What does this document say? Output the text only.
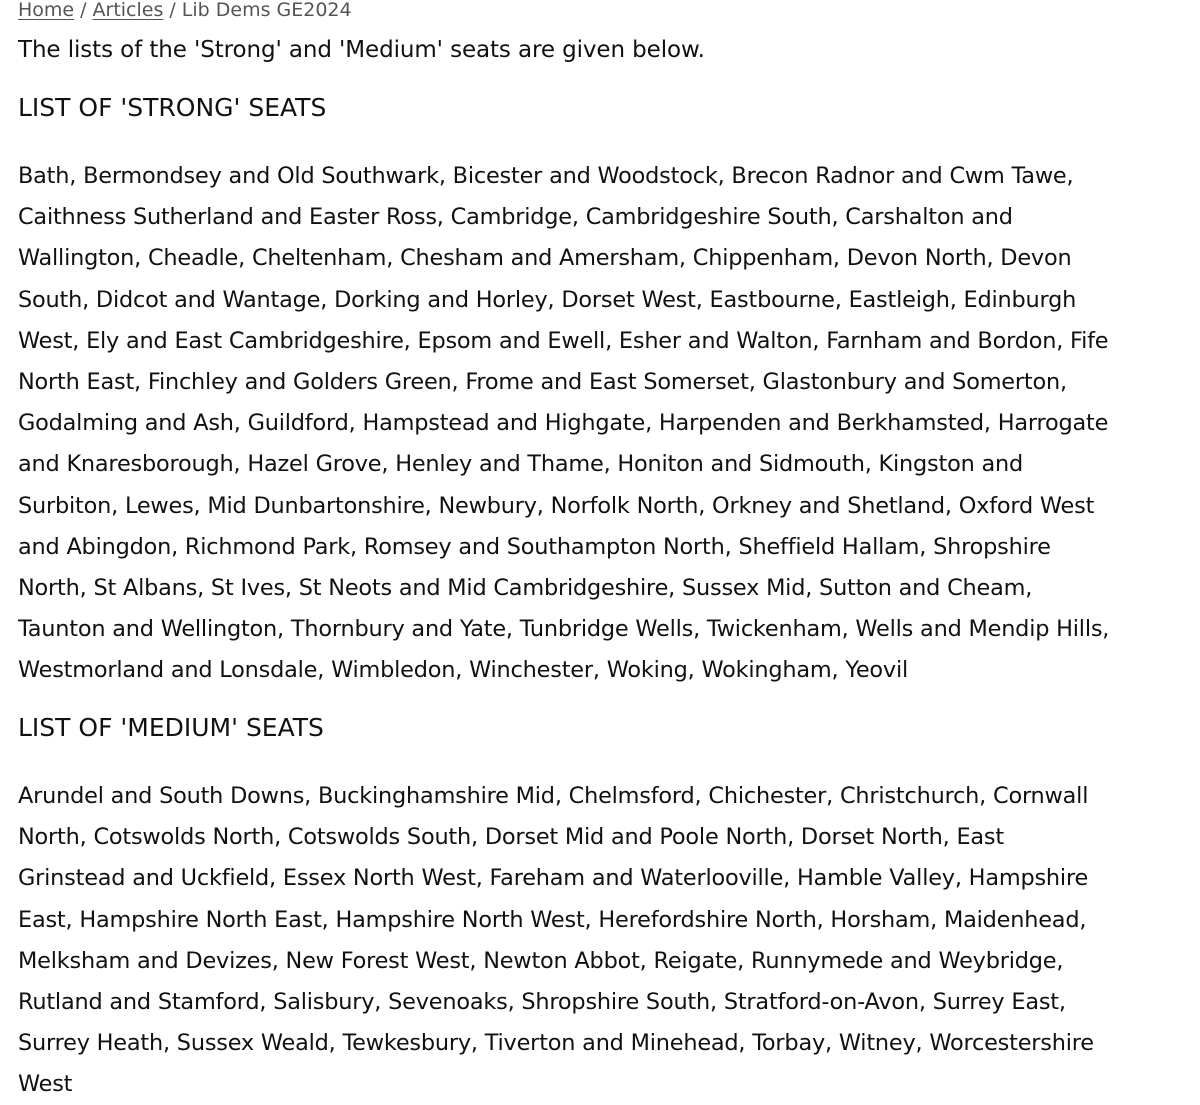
Home / Articles / Lib Dems GE2024

The lists of the 'Strong' and 'Medium' seats are given below.

LIST OF 'STRONG' SEATS

Bath, Bermondsey and Old Southwark, Bicester and Woodstock, Brecon Radnor and Cwm Tawe,
Caithness Sutherland and Easter Ross, Cambridge, Cambridgeshire South, Carshalton and
Wallington, Cheadle, Cheltenham, Chesham and Amersham, Chippenham, Devon North, Devon
South, Didcot and Wantage, Dorking and Horley, Dorset West, Eastbourne, Eastleigh, Edinburgh
West, Ely and East Cambridgeshire, Epsom and Ewell, Esher and Walton, Farnham and Bordon, Fife
North East, Finchley and Golders Green, Frome and East Somerset, Glastonbury and Somerton,
Godalming and Ash, Guildford, Hampstead and Highgate, Harpenden and Berkhamsted, Harrogate
and Knaresborough, Hazel Grove, Henley and Thame, Honiton and Sidmouth, Kingston and
Surbiton, Lewes, Mid Dunbartonshire, Newbury, Norfolk North, Orkney and Shetland, Oxford West
and Abingdon, Richmond Park, Romsey and Southampton North, Sheffield Hallam, Shropshire
North, St Albans, St Ives, St Neots and Mid Cambridgeshire, Sussex Mid, Sutton and Cheam,
Taunton and Wellington, Thornbury and Yate, Tunbridge Wells, Twickenham, Wells and Mendip Hills,
Westmorland and Lonsdale, Wimbledon, Winchester, Woking, Wokingham, Yeovil

LIST OF 'MEDIUM' SEATS

Arundel and South Downs, Buckinghamshire Mid, Chelmsford, Chichester, Christchurch, Cornwall
North, Cotswolds North, Cotswolds South, Dorset Mid and Poole North, Dorset North, East
Grinstead and Uckfield, Essex North West, Fareham and Waterlooville, Hamble Valley, Hampshire
East, Hampshire North East, Hampshire North West, Herefordshire North, Horsham, Maidenhead,
Melksham and Devizes, New Forest West, Newton Abbot, Reigate, Runnymede and Weybridge,
Rutland and Stamford, Salisbury, Sevenoaks, Shropshire South, Stratford-on-Avon, Surrey East,
Surrey Heath, Sussex Weald, Tewkesbury, Tiverton and Minehead, Torbay, Witney, Worcestershire
West
